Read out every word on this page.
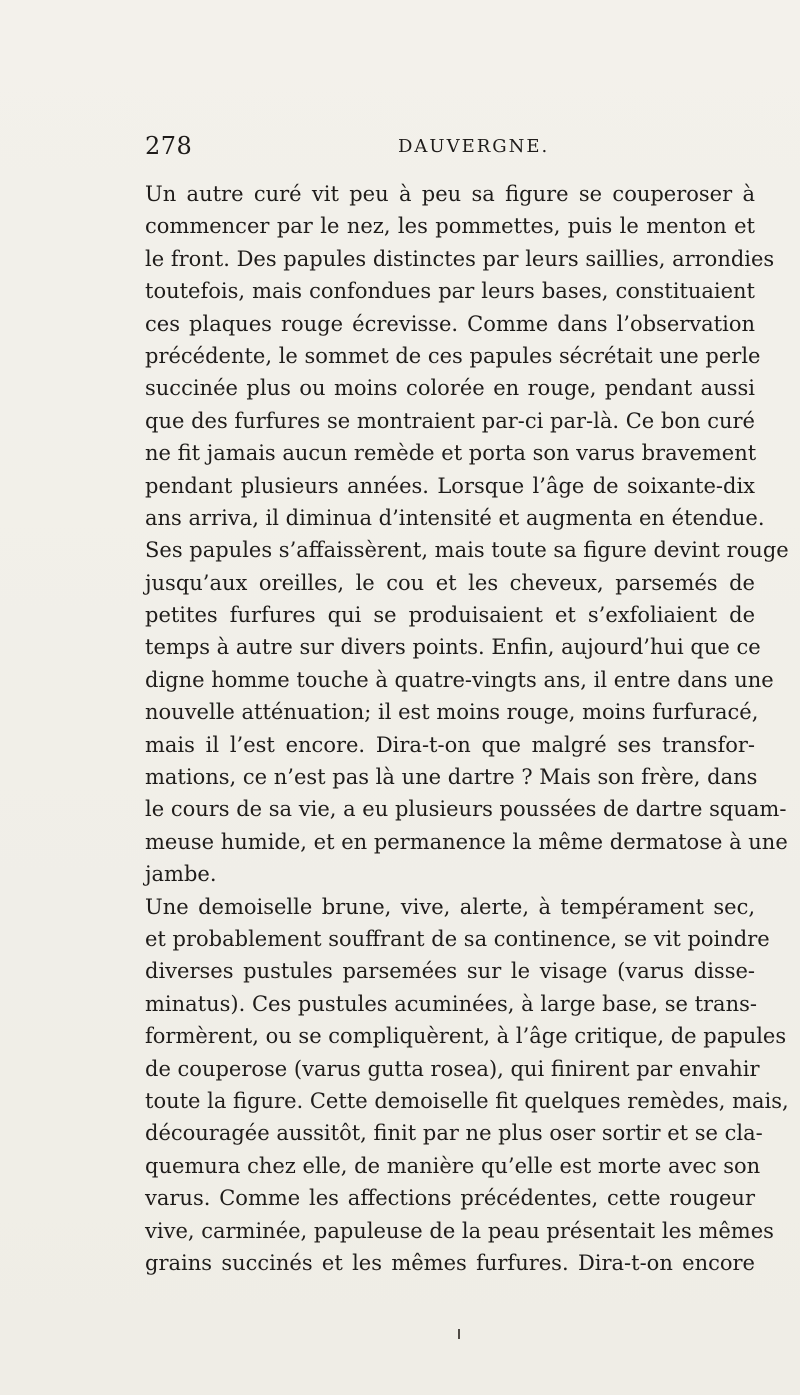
278	DAUVERGNE.
Un autre curé vit peu à peu sa figure se couperoser à
commencer par le nez, les pommettes, puis le menton et
le front. Des papules distinctes par leurs saillies, arrondies
toutefois, mais confondues par leurs bases, constituaient
ces plaques rouge écrevisse. Comme dans l’observation
précédente, le sommet de ces papules sécrétait une perle
succinée plus ou moins colorée en rouge, pendant aussi
que des furfures se montraient par-ci par-là. Ce bon curé
ne fit jamais aucun remède et porta son varus bravement
pendant plusieurs années. Lorsque l’âge de soixante-dix
ans arriva, il diminua d’intensité et augmenta en étendue.
Ses papules s’affaissèrent, mais toute sa figure devint rouge
jusqu’aux oreilles, le cou et les cheveux, parsemés de
petites furfures qui se produisaient et s’exfoliaient de
temps à autre sur divers points. Enfin, aujourd’hui que ce
digne homme touche à quatre-vingts ans, il entre dans une
nouvelle atténuation; il est moins rouge, moins furfuracé,
mais il l’est encore. Dira-t-on que malgré ses transfor-
mations, ce n’est pas là une dartre ? Mais son frère, dans
le cours de sa vie, a eu plusieurs poussées de dartre squam-
meuse humide, et en permanence la même dermatose à une
jambe.
Une demoiselle brune, vive, alerte, à tempérament sec,
et probablement souffrant de sa continence, se vit poindre
diverses pustules parsemées sur le visage (varus disse-
minatus). Ces pustules acuminées, à large base, se trans-
formèrent, ou se compliquèrent, à l’âge critique, de papules
de couperose (varus gutta rosea), qui finirent par envahir
toute la figure. Cette demoiselle fit quelques remèdes, mais,
découragée aussitôt, finit par ne plus oser sortir et se cla-
quemura chez elle, de manière qu’elle est morte avec son
varus. Comme les affections précédentes, cette rougeur
vive, carminée, papuleuse de la peau présentait les mêmes
grains succinés et les mêmes furfures. Dira-t-on encore
